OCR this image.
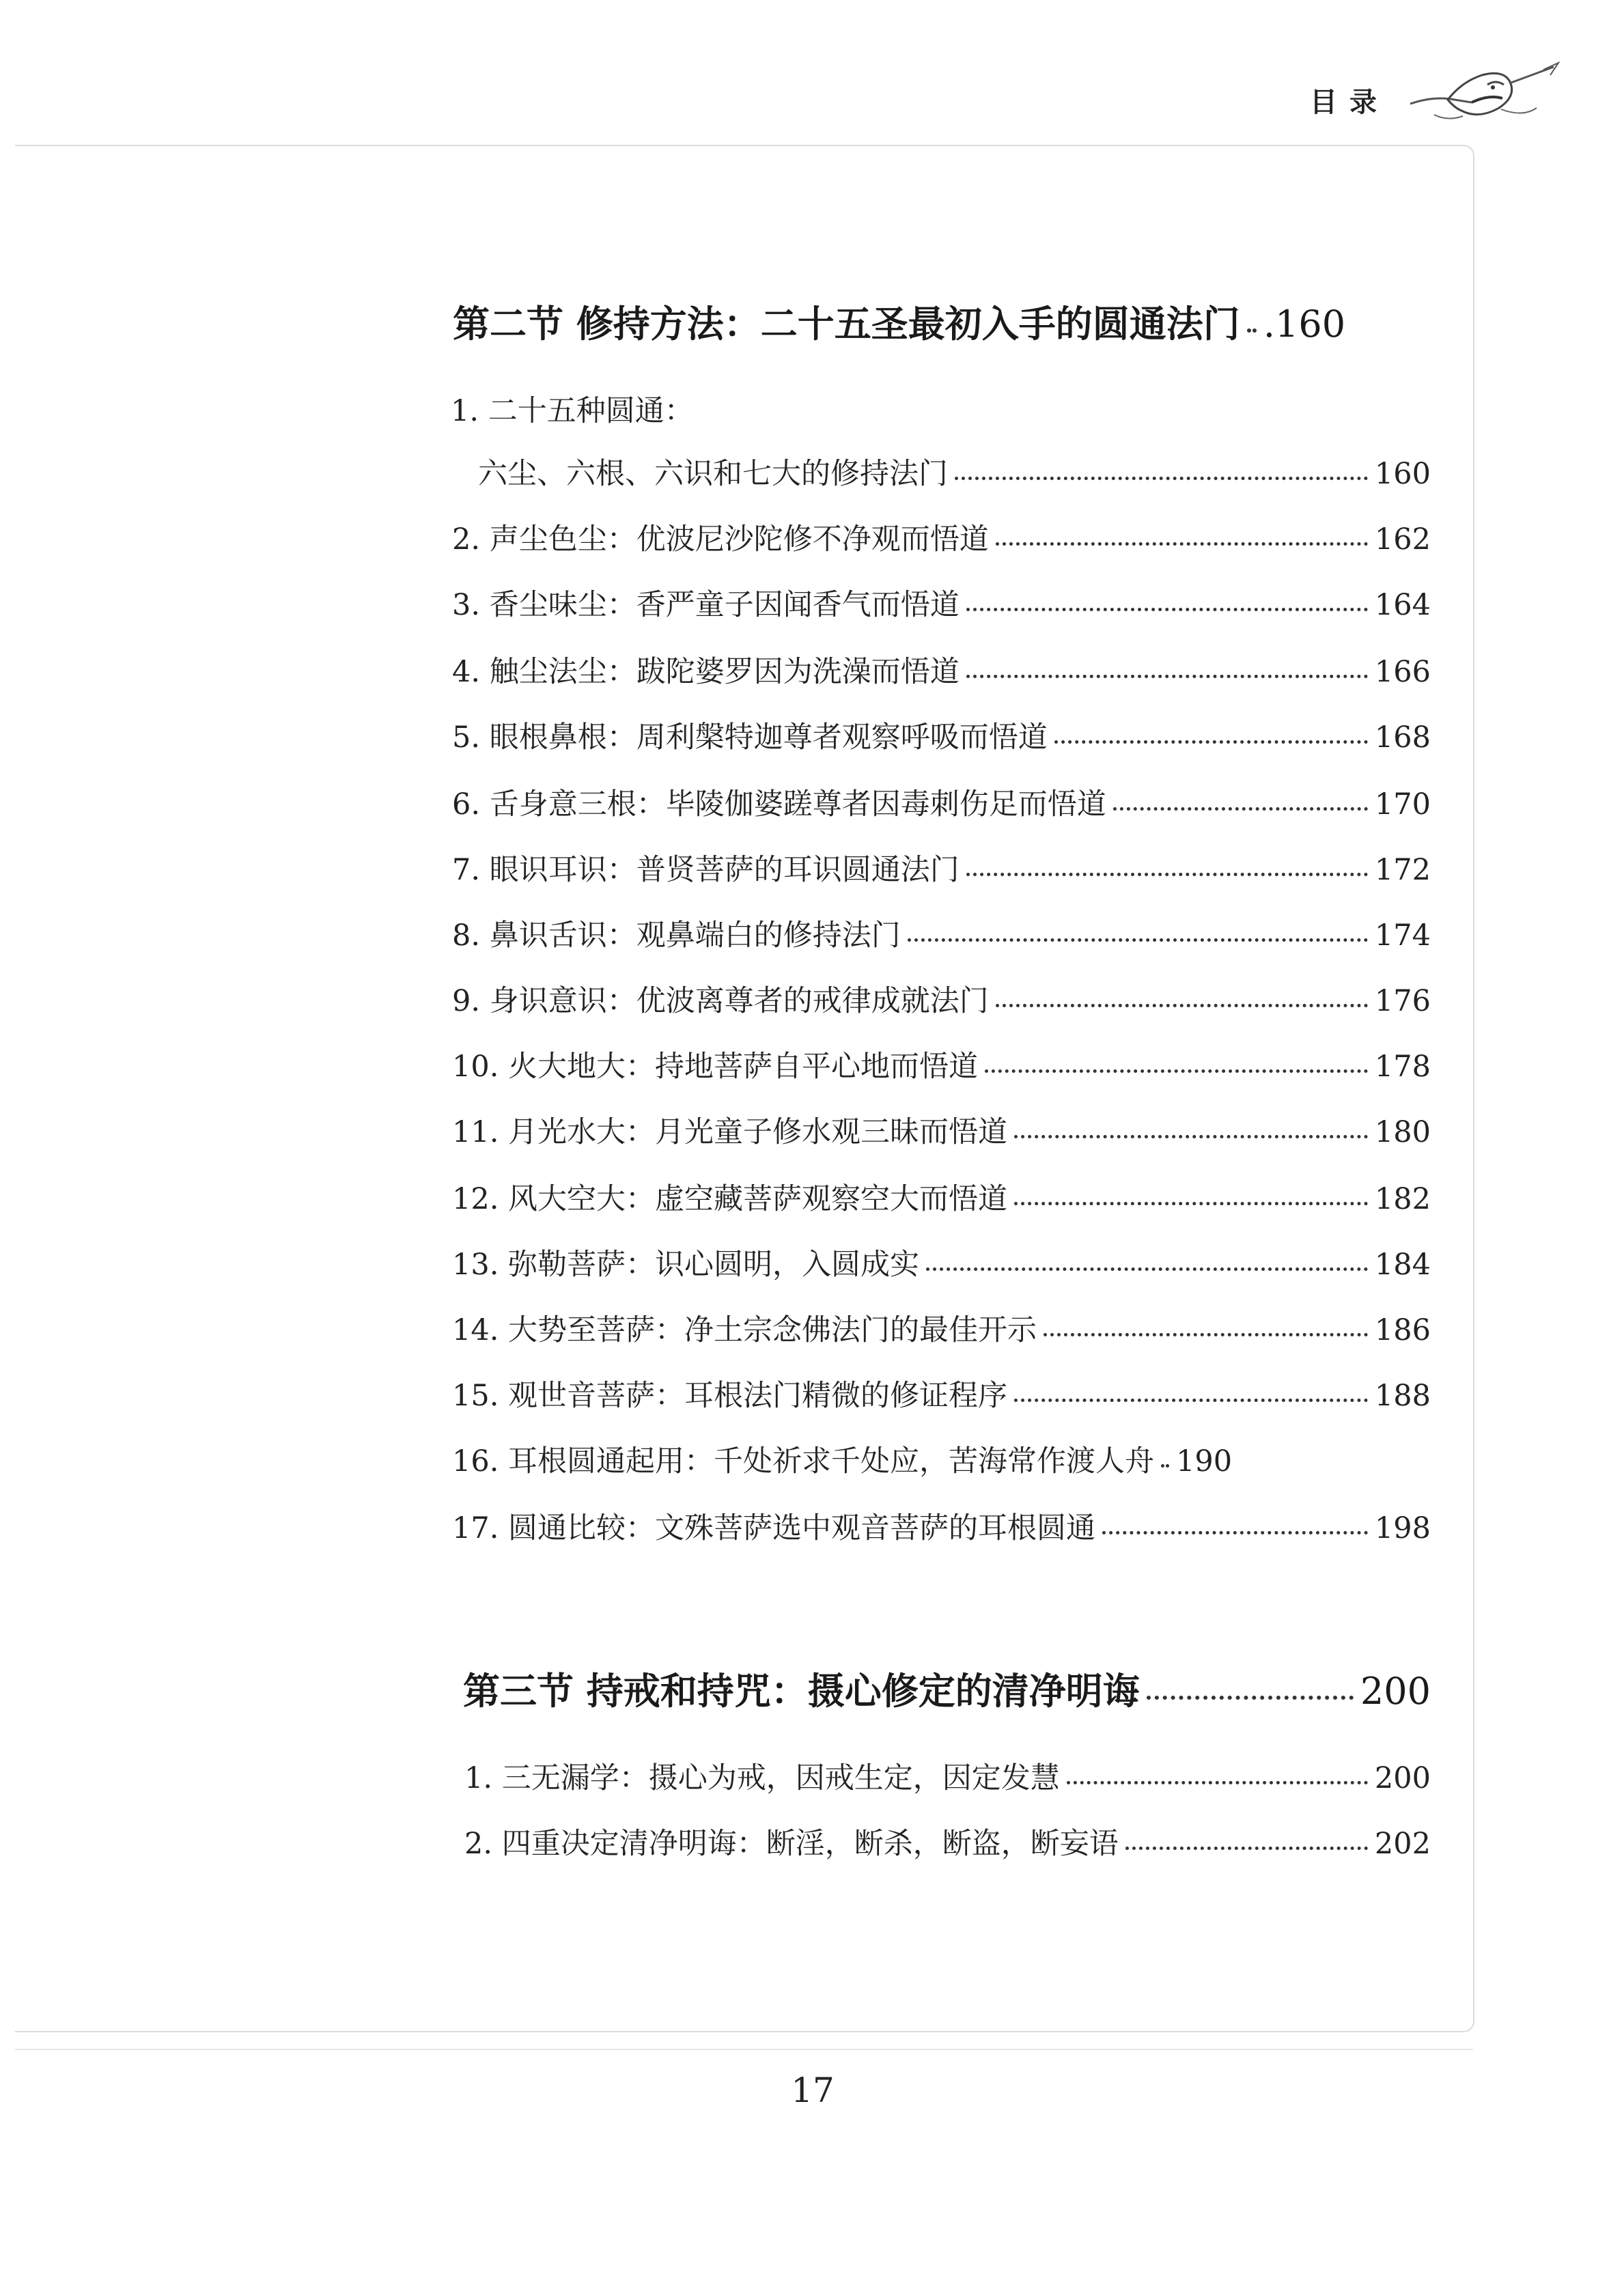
目录
第二节 修持方法：二十五圣最初入手的圆通法门 .160
1. 二十五种圆通：
六尘、六根、六识和七大的修持法门	160
2. 声尘色尘：优波尼沙陀修不净观而悟道	162
3. 香尘味尘：香严童子因闻香气而悟道	164
4. 触尘法尘：跋陀婆罗因为洗澡而悟道	166
5. 眼根鼻根：周利槃特迦尊者观察呼吸而悟道	168
6. 舌身意三根：毕陵伽婆蹉尊者因毒刺伤足而悟道	170
7. 眼识耳识：普贤菩萨的耳识圆通法门	172
8. 鼻识舌识：观鼻端白的修持法门	174
9. 身识意识：优波离尊者的戒律成就法门	176
10. 火大地大：持地菩萨自平心地而悟道	178
11. 月光水大：月光童子修水观三昧而悟道	180
12. 风大空大：虚空藏菩萨观察空大而悟道	182
13. 弥勒菩萨：识心圆明，入圆成实	184
14. 大势至菩萨：净土宗念佛法门的最佳开示	186
15. 观世音菩萨：耳根法门精微的修证程序	188
16. 耳根圆通起用：千处祈求千处应，苦海常作渡人舟 190
17. 圆通比较：文殊菩萨选中观音菩萨的耳根圆通	198
第三节 持戒和持咒：摄心修定的清净明诲	200
1. 三无漏学：摄心为戒，因戒生定，因定发慧	200
2. 四重决定清净明诲：断淫，断杀，断盗，断妄语	202
17
